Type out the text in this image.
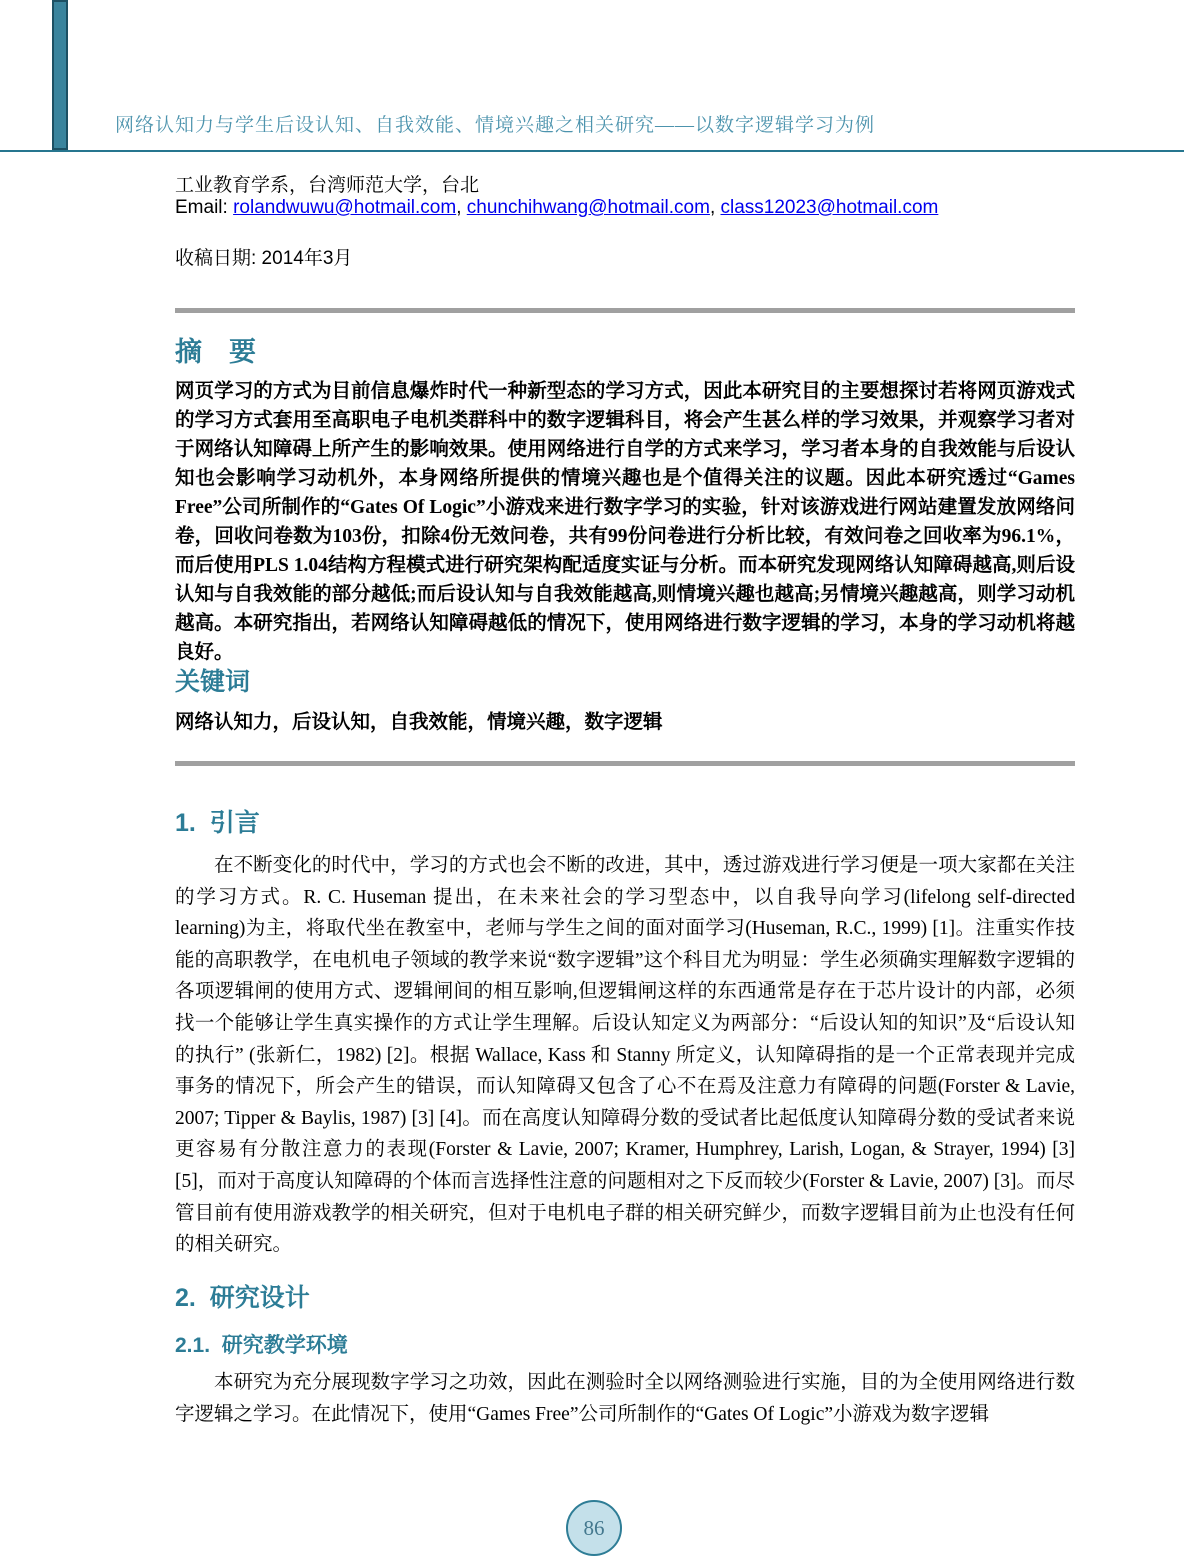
网络认知力与学生后设认知、自我效能、情境兴趣之相关研究——以数字逻辑学习为例

工业教育学系，台湾师范大学，台北

Email: rolandwuwu@hotmail.com, chunchihwang@hotmail.com, class12023@hotmail.com

收稿日期: 2014年3月

摘　要

网页学习的方式为目前信息爆炸时代一种新型态的学习方式，因此本研究目的主要想探讨若将网页游戏式的学习方式套用至高职电子电机类群科中的数字逻辑科目，将会产生甚么样的学习效果，并观察学习者对于网络认知障碍上所产生的影响效果。使用网络进行自学的方式来学习，学习者本身的自我效能与后设认知也会影响学习动机外，本身网络所提供的情境兴趣也是个值得关注的议题。因此本研究透过“Games Free”公司所制作的“Gates Of Logic”小游戏来进行数字学习的实验，针对该游戏进行网站建置发放网络问卷，回收问卷数为103份，扣除4份无效问卷，共有99份问卷进行分析比较，有效问卷之回收率为96.1%，而后使用PLS 1.04结构方程模式进行研究架构配适度实证与分析。而本研究发现网络认知障碍越高,则后设认知与自我效能的部分越低;而后设认知与自我效能越高,则情境兴趣也越高;另情境兴趣越高，则学习动机越高。本研究指出，若网络认知障碍越低的情况下，使用网络进行数字逻辑的学习，本身的学习动机将越良好。

关键词

网络认知力，后设认知，自我效能，情境兴趣，数字逻辑

1.  引言

在不断变化的时代中，学习的方式也会不断的改进，其中，透过游戏进行学习便是一项大家都在关注的学习方式。R. C. Huseman 提出，在未来社会的学习型态中，以自我导向学习(lifelong self-directed learning)为主，将取代坐在教室中，老师与学生之间的面对面学习(Huseman, R.C., 1999) [1]。注重实作技能的高职教学，在电机电子领域的教学来说“数字逻辑”这个科目尤为明显：学生必须确实理解数字逻辑的各项逻辑闸的使用方式、逻辑闸间的相互影响,但逻辑闸这样的东西通常是存在于芯片设计的内部，必须找一个能够让学生真实操作的方式让学生理解。后设认知定义为两部分：“后设认知的知识”及“后设认知的执行” (张新仁，1982) [2]。根据 Wallace, Kass 和 Stanny 所定义，认知障碍指的是一个正常表现并完成事务的情况下，所会产生的错误，而认知障碍又包含了心不在焉及注意力有障碍的问题(Forster & Lavie, 2007; Tipper & Baylis, 1987) [3] [4]。而在高度认知障碍分数的受试者比起低度认知障碍分数的受试者来说更容易有分散注意力的表现(Forster & Lavie, 2007; Kramer, Humphrey, Larish, Logan, & Strayer, 1994) [3] [5]，而对于高度认知障碍的个体而言选择性注意的问题相对之下反而较少(Forster & Lavie, 2007) [3]。而尽管目前有使用游戏教学的相关研究，但对于电机电子群的相关研究鲜少，而数字逻辑目前为止也没有任何的相关研究。

2.  研究设计
2.1.  研究教学环境

本研究为充分展现数字学习之功效，因此在测验时全以网络测验进行实施，目的为全使用网络进行数字逻辑之学习。在此情况下，使用“Games Free”公司所制作的“Gates Of Logic”小游戏为数字逻辑

86
